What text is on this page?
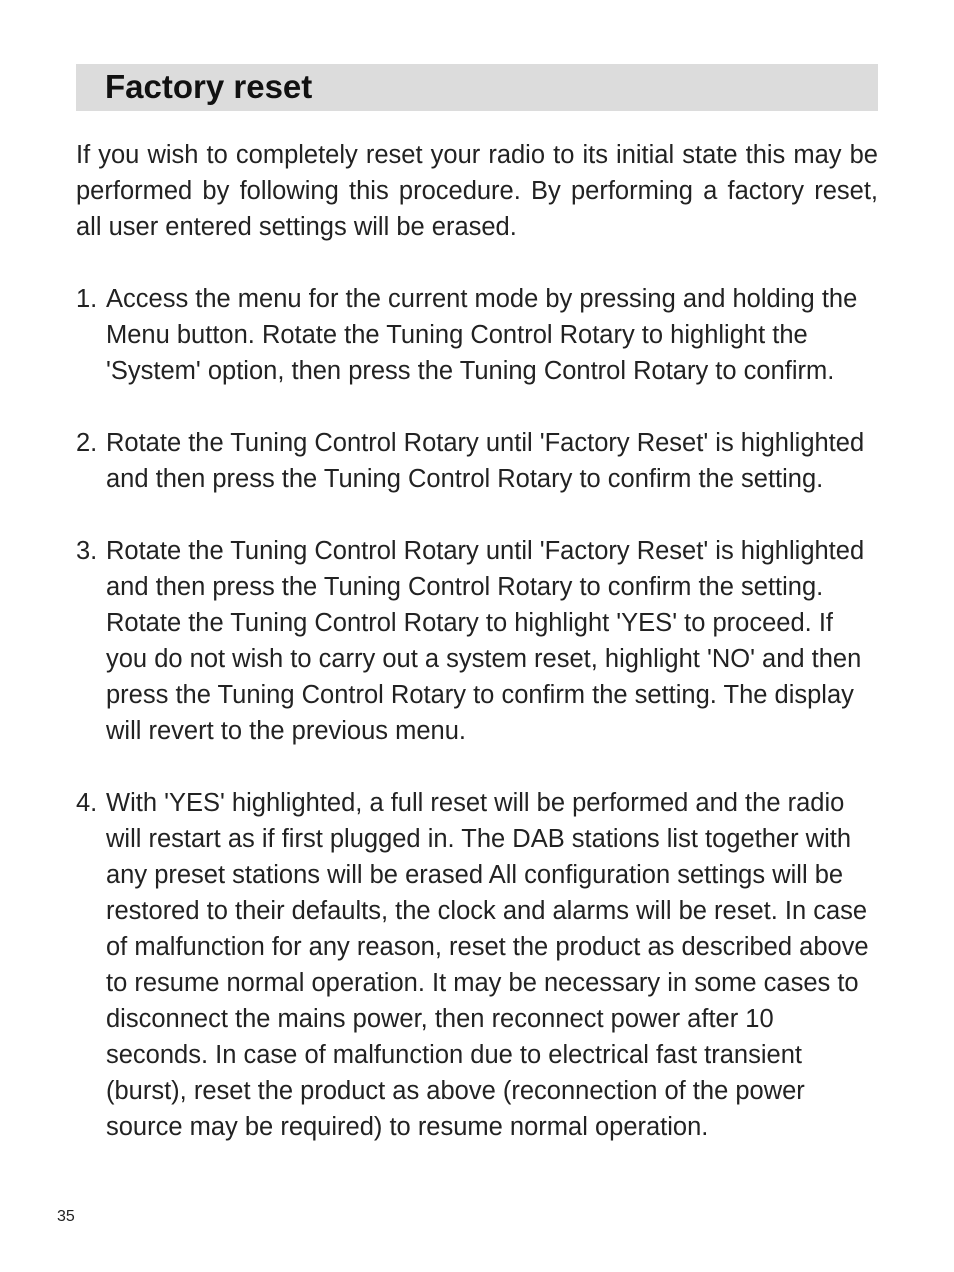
Factory reset

If you wish to completely reset your radio to its initial state this may be performed by following this procedure. By performing a factory reset, all user entered settings will be erased.

1. Access the menu for the current mode by pressing and holding the Menu button. Rotate the Tuning Control Rotary to highlight the 'System' option, then press the Tuning Control Rotary to confirm.
2. Rotate the Tuning Control Rotary until 'Factory Reset' is highlighted and then press the Tuning Control Rotary to confirm the setting.
3. Rotate the Tuning Control Rotary until 'Factory Reset' is highlighted and then press the Tuning Control Rotary to confirm the setting. Rotate the Tuning Control Rotary to highlight 'YES' to proceed. If you do not wish to carry out a system reset, highlight 'NO' and then press the Tuning Control Rotary to confirm the setting. The display will revert to the previous menu.
4. With 'YES' highlighted, a full reset will be performed and the radio will restart as if first plugged in. The DAB stations list together with any preset stations will be erased All configuration settings will be restored to their defaults, the clock and alarms will be reset. In case of malfunction for any reason, reset the product as described above to resume normal operation. It may be necessary in some cases to disconnect the mains power, then reconnect power after 10 seconds. In case of malfunction due to electrical fast transient (burst), reset the product as above (reconnection of the power source may be required) to resume normal operation.
35
